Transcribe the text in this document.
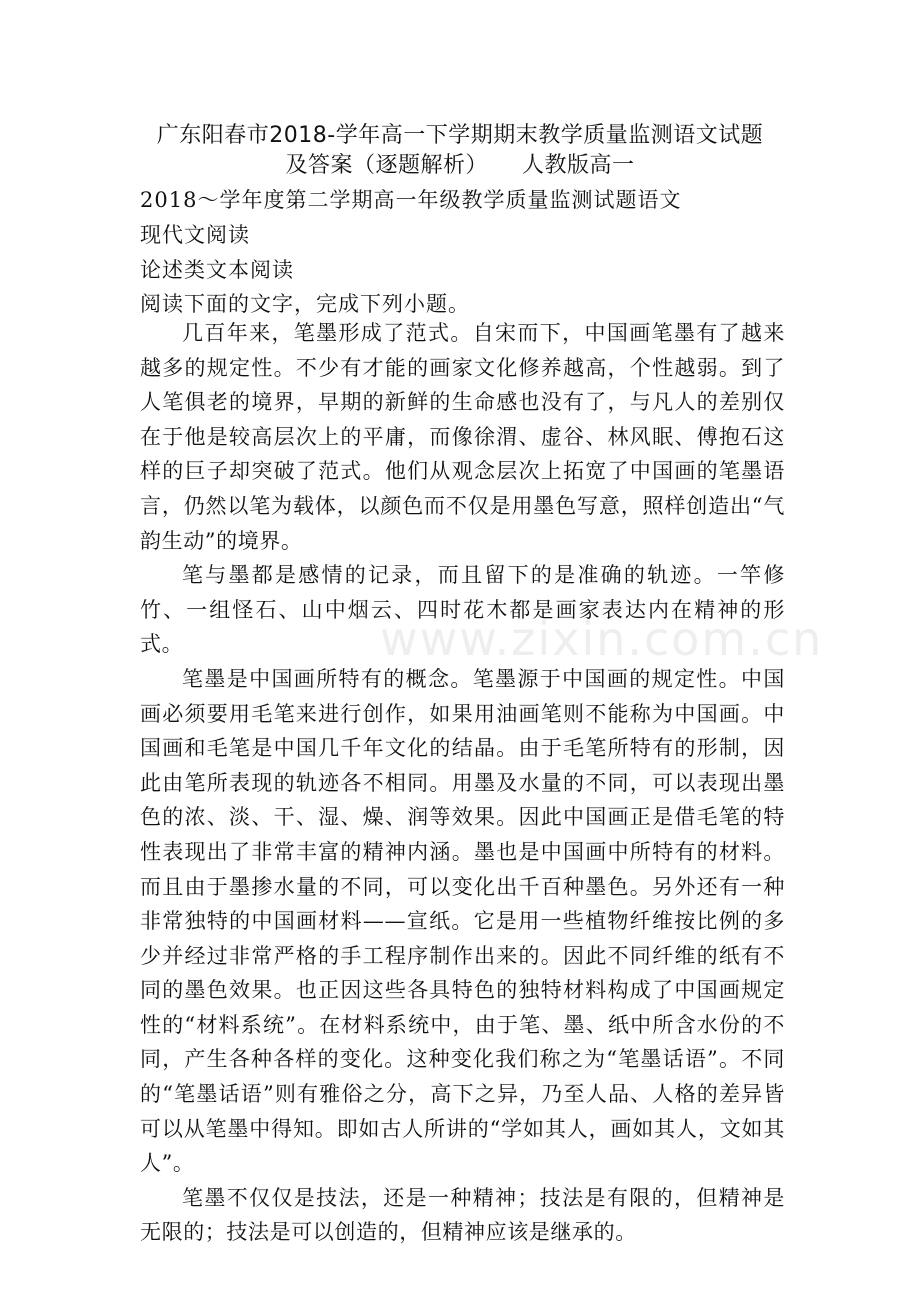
广东阳春市2018-学年高一下学期期末教学质量监测语文试题
及答案（逐题解析） 人教版高一
2018～学年度第二学期高一年级教学质量监测试题语文
现代文阅读
论述类文本阅读
阅读下面的文字，完成下列小题。

几百年来，笔墨形成了范式。自宋而下，中国画笔墨有了越来越多的规定性。不少有才能的画家文化修养越高，个性越弱。到了人笔俱老的境界，早期的新鲜的生命感也没有了，与凡人的差别仅在于他是较高层次上的平庸，而像徐渭、虚谷、林风眠、傅抱石这样的巨子却突破了范式。他们从观念层次上拓宽了中国画的笔墨语言，仍然以笔为载体，以颜色而不仅是用墨色写意，照样创造出“气韵生动”的境界。

笔与墨都是感情的记录，而且留下的是准确的轨迹。一竿修竹、一组怪石、山中烟云、四时花木都是画家表达内在精神的形式。

笔墨是中国画所特有的概念。笔墨源于中国画的规定性。中国画必须要用毛笔来进行创作，如果用油画笔则不能称为中国画。中国画和毛笔是中国几千年文化的结晶。由于毛笔所特有的形制，因此由笔所表现的轨迹各不相同。用墨及水量的不同，可以表现出墨色的浓、淡、干、湿、燥、润等效果。因此中国画正是借毛笔的特性表现出了非常丰富的精神内涵。墨也是中国画中所特有的材料。而且由于墨掺水量的不同，可以变化出千百种墨色。另外还有一种非常独特的中国画材料——宣纸。它是用一些植物纤维按比例的多少并经过非常严格的手工程序制作出来的。因此不同纤维的纸有不同的墨色效果。也正因这些各具特色的独特材料构成了中国画规定性的“材料系统”。在材料系统中，由于笔、墨、纸中所含水份的不同，产生各种各样的变化。这种变化我们称之为“笔墨话语”。不同的“笔墨话语”则有雅俗之分，高下之异，乃至人品、人格的差异皆可以从笔墨中得知。即如古人所讲的“学如其人，画如其人，文如其人”。

笔墨不仅仅是技法，还是一种精神；技法是有限的，但精神是无限的；技法是可以创造的，但精神应该是继承的。

www.zixin.com.cn
